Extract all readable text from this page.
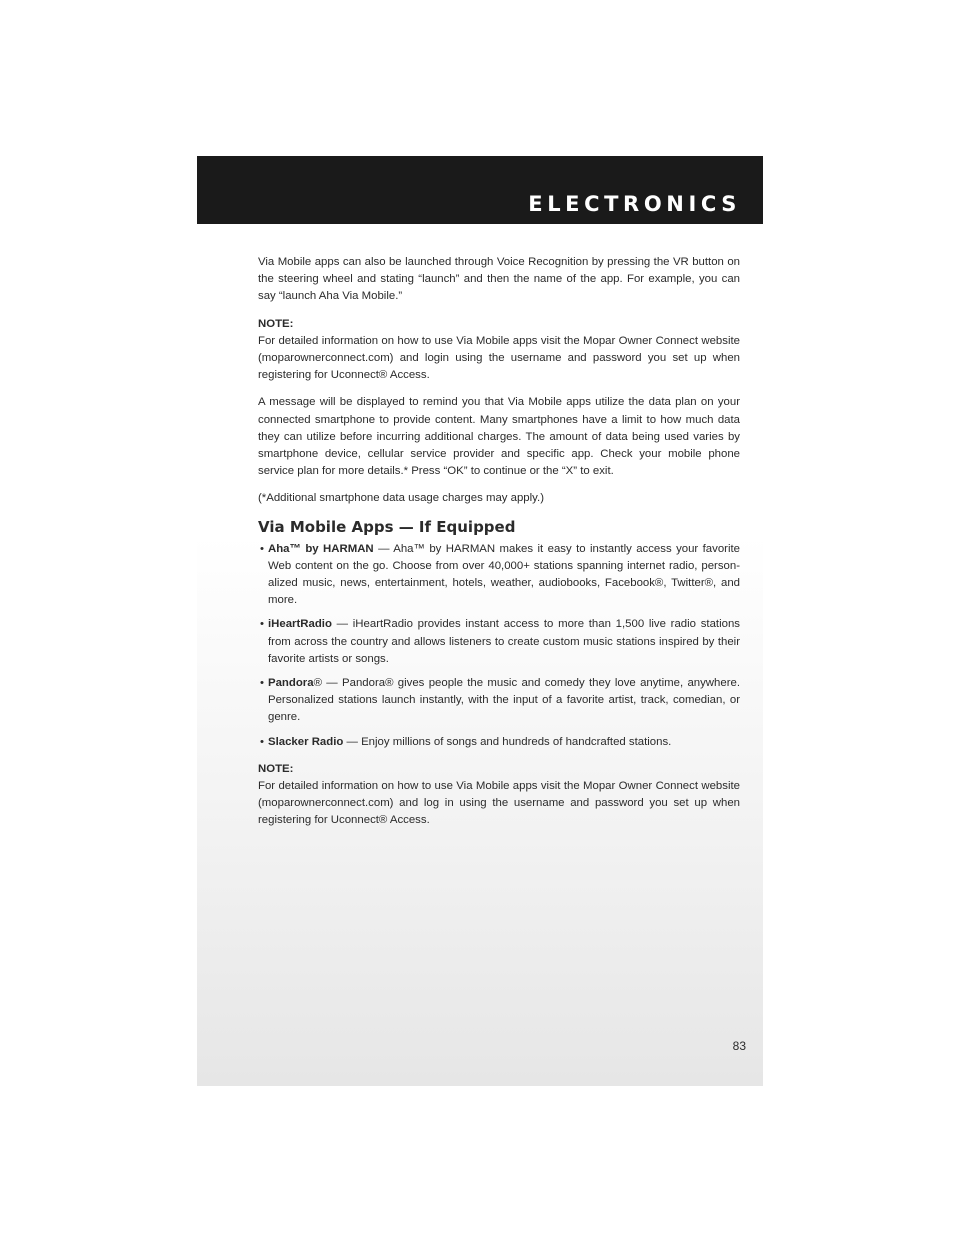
ELECTRONICS

Via Mobile apps can also be launched through Voice Recognition by pressing the VR button on the steering wheel and stating “launch” and then the name of the app. For example, you can say “launch Aha Via Mobile.”

NOTE:

For detailed information on how to use Via Mobile apps visit the Mopar Owner Connect website (moparownerconnect.com) and login using the username and password you set up when registering for Uconnect® Access.

A message will be displayed to remind you that Via Mobile apps utilize the data plan on your connected smartphone to provide content. Many smartphones have a limit to how much data they can utilize before incurring additional charges. The amount of data being used varies by smartphone device, cellular service provider and specific app. Check your mobile phone service plan for more details.* Press “OK” to continue or the “X” to exit.

(*Additional smartphone data usage charges may apply.)

Via Mobile Apps — If Equipped
• Aha™ by HARMAN — Aha™ by HARMAN makes it easy to instantly access your favorite Web content on the go. Choose from over 40,000+ stations spanning internet radio, person-alized music, news, entertainment, hotels, weather, audiobooks, Facebook®, Twitter®, and more.
• iHeartRadio — iHeartRadio provides instant access to more than 1,500 live radio stations from across the country and allows listeners to create custom music stations inspired by their favorite artists or songs.
• Pandora® — Pandora® gives people the music and comedy they love anytime, anywhere. Personalized stations launch instantly, with the input of a favorite artist, track, comedian, or genre.
• Slacker Radio — Enjoy millions of songs and hundreds of handcrafted stations.
NOTE:

For detailed information on how to use Via Mobile apps visit the Mopar Owner Connect website (moparownerconnect.com) and log in using the username and password you set up when registering for Uconnect® Access.

83
